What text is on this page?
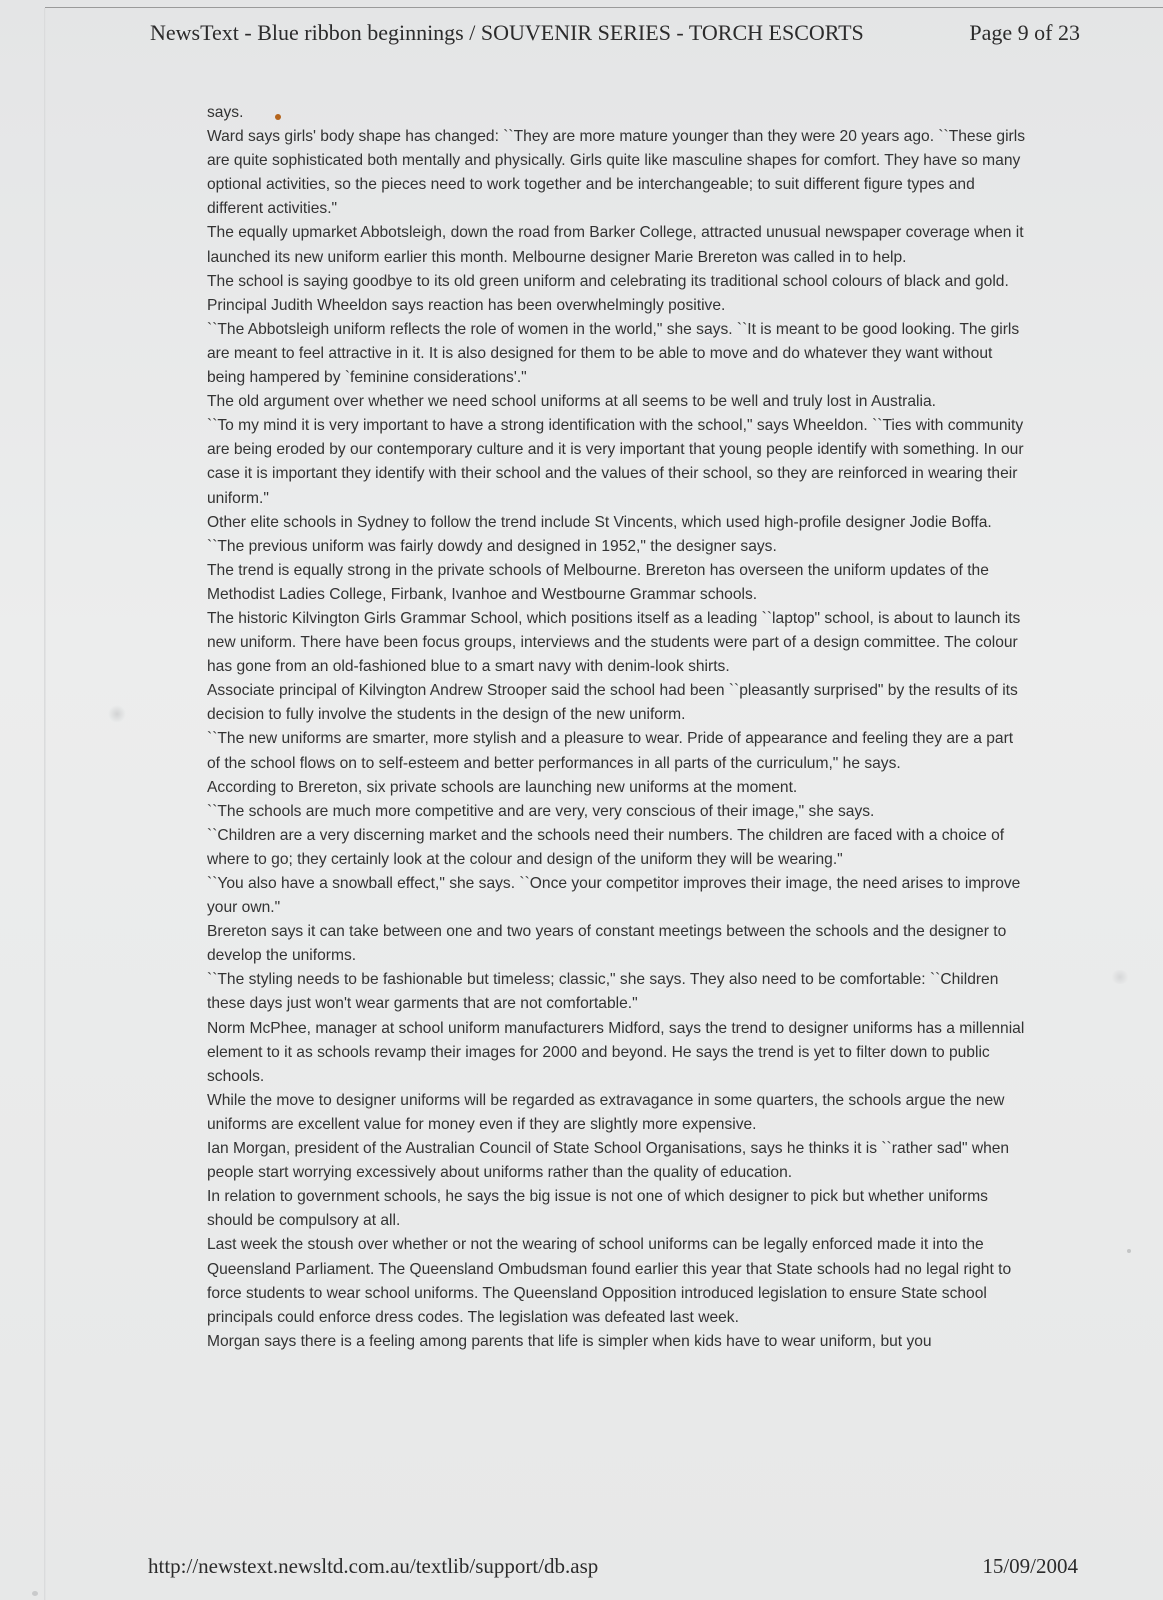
NewsText - Blue ribbon beginnings / SOUVENIR SERIES - TORCH ESCORTS	Page 9 of 23

says.

Ward says girls' body shape has changed: ``They are more mature younger than they were 20 years ago. ``These girls are quite sophisticated both mentally and physically. Girls quite like masculine shapes for comfort. They have so many optional activities, so the pieces need to work together and be interchangeable; to suit different figure types and different activities."

The equally upmarket Abbotsleigh, down the road from Barker College, attracted unusual newspaper coverage when it launched its new uniform earlier this month. Melbourne designer Marie Brereton was called in to help.

The school is saying goodbye to its old green uniform and celebrating its traditional school colours of black and gold.

Principal Judith Wheeldon says reaction has been overwhelmingly positive.

``The Abbotsleigh uniform reflects the role of women in the world," she says. ``It is meant to be good looking. The girls are meant to feel attractive in it. It is also designed for them to be able to move and do whatever they want without being hampered by `feminine considerations'."

The old argument over whether we need school uniforms at all seems to be well and truly lost in Australia.

``To my mind it is very important to have a strong identification with the school," says Wheeldon. ``Ties with community are being eroded by our contemporary culture and it is very important that young people identify with something. In our case it is important they identify with their school and the values of their school, so they are reinforced in wearing their uniform."

Other elite schools in Sydney to follow the trend include St Vincents, which used high-profile designer Jodie Boffa.

``The previous uniform was fairly dowdy and designed in 1952," the designer says.

The trend is equally strong in the private schools of Melbourne. Brereton has overseen the uniform updates of the Methodist Ladies College, Firbank, Ivanhoe and Westbourne Grammar schools.

The historic Kilvington Girls Grammar School, which positions itself as a leading ``laptop" school, is about to launch its new uniform. There have been focus groups, interviews and the students were part of a design committee. The colour has gone from an old-fashioned blue to a smart navy with denim-look shirts.

Associate principal of Kilvington Andrew Strooper said the school had been ``pleasantly surprised" by the results of its decision to fully involve the students in the design of the new uniform.

``The new uniforms are smarter, more stylish and a pleasure to wear. Pride of appearance and feeling they are a part of the school flows on to self-esteem and better performances in all parts of the curriculum," he says.

According to Brereton, six private schools are launching new uniforms at the moment.

``The schools are much more competitive and are very, very conscious of their image," she says.

``Children are a very discerning market and the schools need their numbers. The children are faced with a choice of where to go; they certainly look at the colour and design of the uniform they will be wearing."

``You also have a snowball effect," she says. ``Once your competitor improves their image, the need arises to improve your own."

Brereton says it can take between one and two years of constant meetings between the schools and the designer to develop the uniforms.

``The styling needs to be fashionable but timeless; classic," she says. They also need to be comfortable: ``Children these days just won't wear garments that are not comfortable."

Norm McPhee, manager at school uniform manufacturers Midford, says the trend to designer uniforms has a millennial element to it as schools revamp their images for 2000 and beyond. He says the trend is yet to filter down to public schools.

While the move to designer uniforms will be regarded as extravagance in some quarters, the schools argue the new uniforms are excellent value for money even if they are slightly more expensive.

Ian Morgan, president of the Australian Council of State School Organisations, says he thinks it is ``rather sad" when people start worrying excessively about uniforms rather than the quality of education.

In relation to government schools, he says the big issue is not one of which designer to pick but whether uniforms should be compulsory at all.

Last week the stoush over whether or not the wearing of school uniforms can be legally enforced made it into the Queensland Parliament. The Queensland Ombudsman found earlier this year that State schools had no legal right to force students to wear school uniforms. The Queensland Opposition introduced legislation to ensure State school principals could enforce dress codes. The legislation was defeated last week.

Morgan says there is a feeling among parents that life is simpler when kids have to wear uniform, but you

http://newstext.newsltd.com.au/textlib/support/db.asp	15/09/2004
